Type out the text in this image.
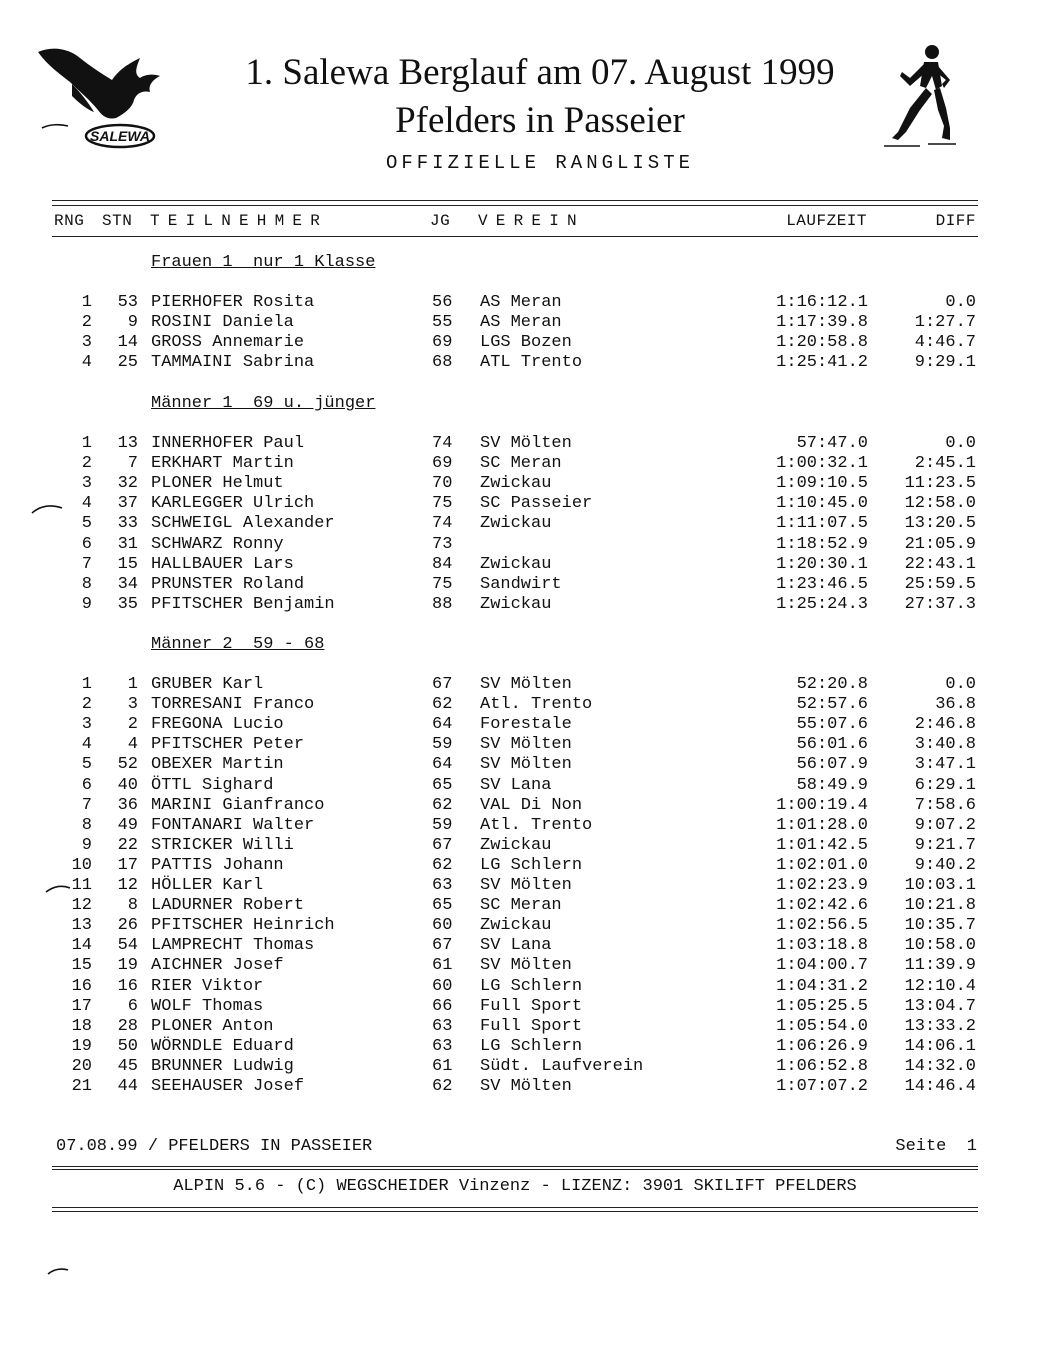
SALEWA
1. Salewa Berglauf am 07. August 1999
Pfelders in Passeier
OFFIZIELLE RANGLISTE
RNG STN TEILNEHMER	JG VEREIN	LAUFZEIT	DIFF
Frauen 1  nur 1 Klasse
1	53 PIERHOFER Rosita	56 AS Meran	1:16:12.1	0.0
2	9 ROSINI Daniela	55 AS Meran	1:17:39.8	1:27.7
3	14 GROSS Annemarie	69 LGS Bozen	1:20:58.8	4:46.7
4	25 TAMMAINI Sabrina	68 ATL Trento	1:25:41.2	9:29.1
Männer 1  69 u. jünger
1	13 INNERHOFER Paul	74 SV Mölten	57:47.0	0.0
2	7 ERKHART Martin	69 SC Meran	1:00:32.1	2:45.1
3	32 PLONER Helmut	70 Zwickau	1:09:10.5	11:23.5
4	37 KARLEGGER Ulrich	75 SC Passeier	1:10:45.0	12:58.0
5	33 SCHWEIGL Alexander	74 Zwickau	1:11:07.5	13:20.5
6	31 SCHWARZ Ronny	73	1:18:52.9	21:05.9
7	15 HALLBAUER Lars	84 Zwickau	1:20:30.1	22:43.1
8	34 PRUNSTER Roland	75 Sandwirt	1:23:46.5	25:59.5
9	35 PFITSCHER Benjamin	88 Zwickau	1:25:24.3	27:37.3
Männer 2  59 - 68
1	1 GRUBER Karl	67 SV Mölten	52:20.8	0.0
2	3 TORRESANI Franco	62 Atl. Trento	52:57.6	36.8
3	2 FREGONA Lucio	64 Forestale	55:07.6	2:46.8
4	4 PFITSCHER Peter	59 SV Mölten	56:01.6	3:40.8
5	52 OBEXER Martin	64 SV Mölten	56:07.9	3:47.1
6	40 ÖTTL Sighard	65 SV Lana	58:49.9	6:29.1
7	36 MARINI Gianfranco	62 VAL Di Non	1:00:19.4	7:58.6
8	49 FONTANARI Walter	59 Atl. Trento	1:01:28.0	9:07.2
9	22 STRICKER Willi	67 Zwickau	1:01:42.5	9:21.7
10	17 PATTIS Johann	62 LG Schlern	1:02:01.0	9:40.2
11	12 HÖLLER Karl	63 SV Mölten	1:02:23.9	10:03.1
12	8 LADURNER Robert	65 SC Meran	1:02:42.6	10:21.8
13	26 PFITSCHER Heinrich	60 Zwickau	1:02:56.5	10:35.7
14	54 LAMPRECHT Thomas	67 SV Lana	1:03:18.8	10:58.0
15	19 AICHNER Josef	61 SV Mölten	1:04:00.7	11:39.9
16	16 RIER Viktor	60 LG Schlern	1:04:31.2	12:10.4
17	6 WOLF Thomas	66 Full Sport	1:05:25.5	13:04.7
18	28 PLONER Anton	63 Full Sport	1:05:54.0	13:33.2
19	50 WÖRNDLE Eduard	63 LG Schlern	1:06:26.9	14:06.1
20	45 BRUNNER Ludwig	61 Südt. Laufverein	1:06:52.8	14:32.0
21	44 SEEHAUSER Josef	62 SV Mölten	1:07:07.2	14:46.4
07.08.99 / PFELDERS IN PASSEIER	Seite  1
ALPIN 5.6 - (C) WEGSCHEIDER Vinzenz - LIZENZ: 3901 SKILIFT PFELDERS
